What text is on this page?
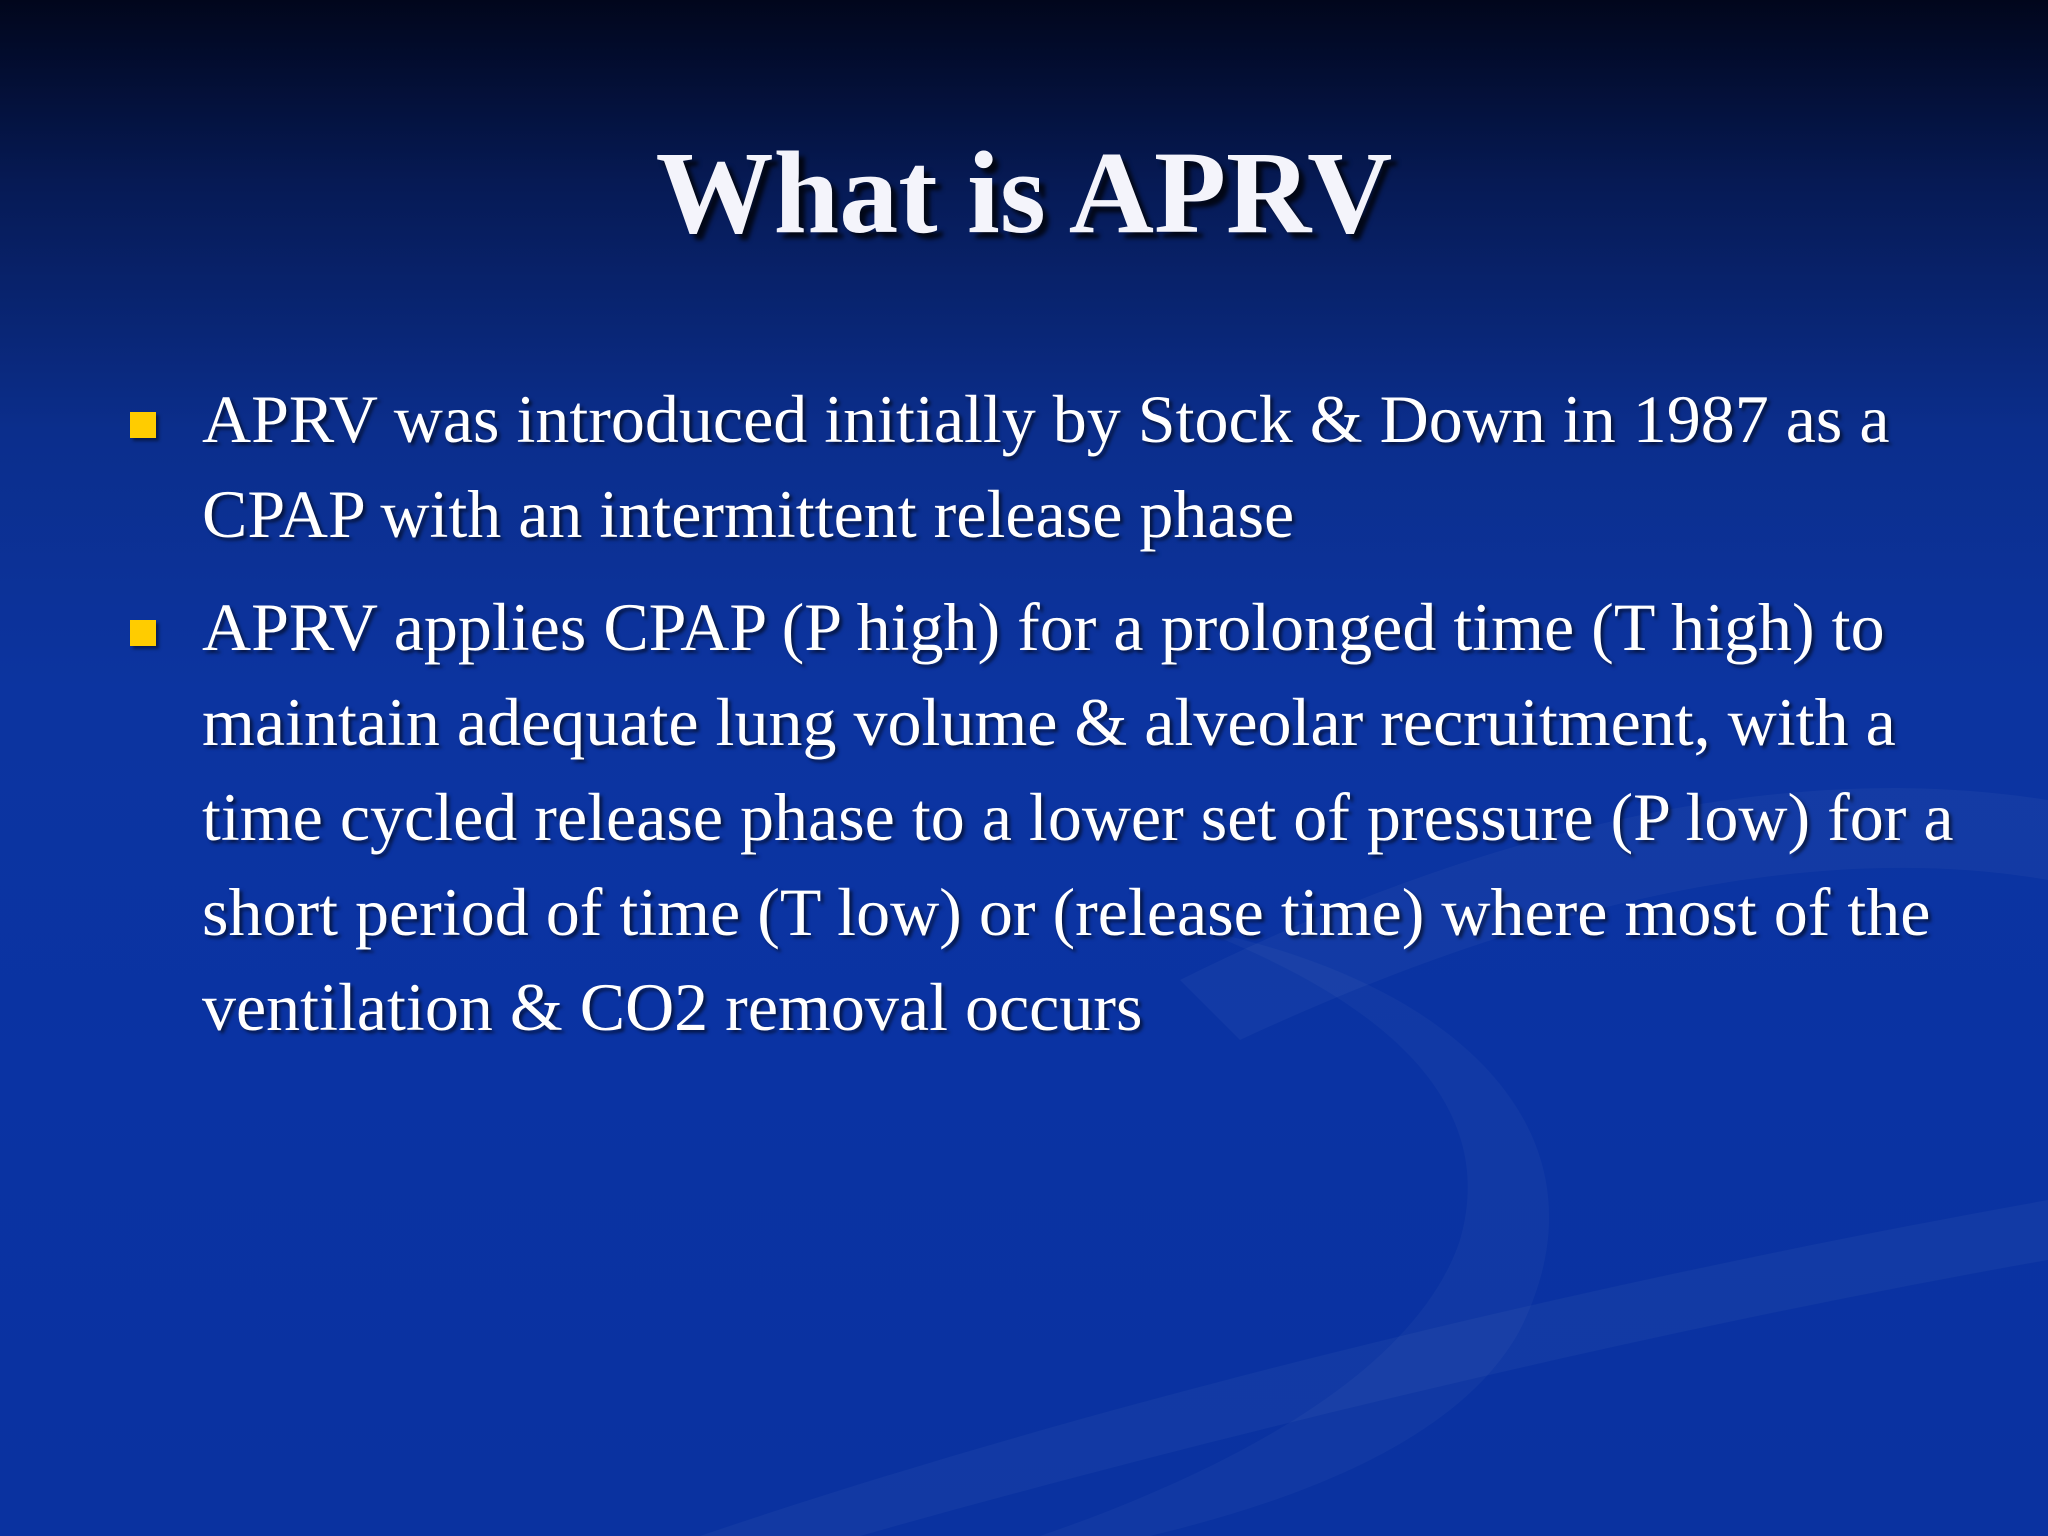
What is APRV
APRV was introduced initially by Stock & Down in 1987 as a CPAP with an intermittent release phase
APRV applies CPAP (P high) for a prolonged time (T high) to maintain adequate lung volume & alveolar recruitment, with a time cycled release phase to a lower set of pressure (P low) for a short period of time (T low) or (release time) where most of the ventilation & CO2 removal occurs
